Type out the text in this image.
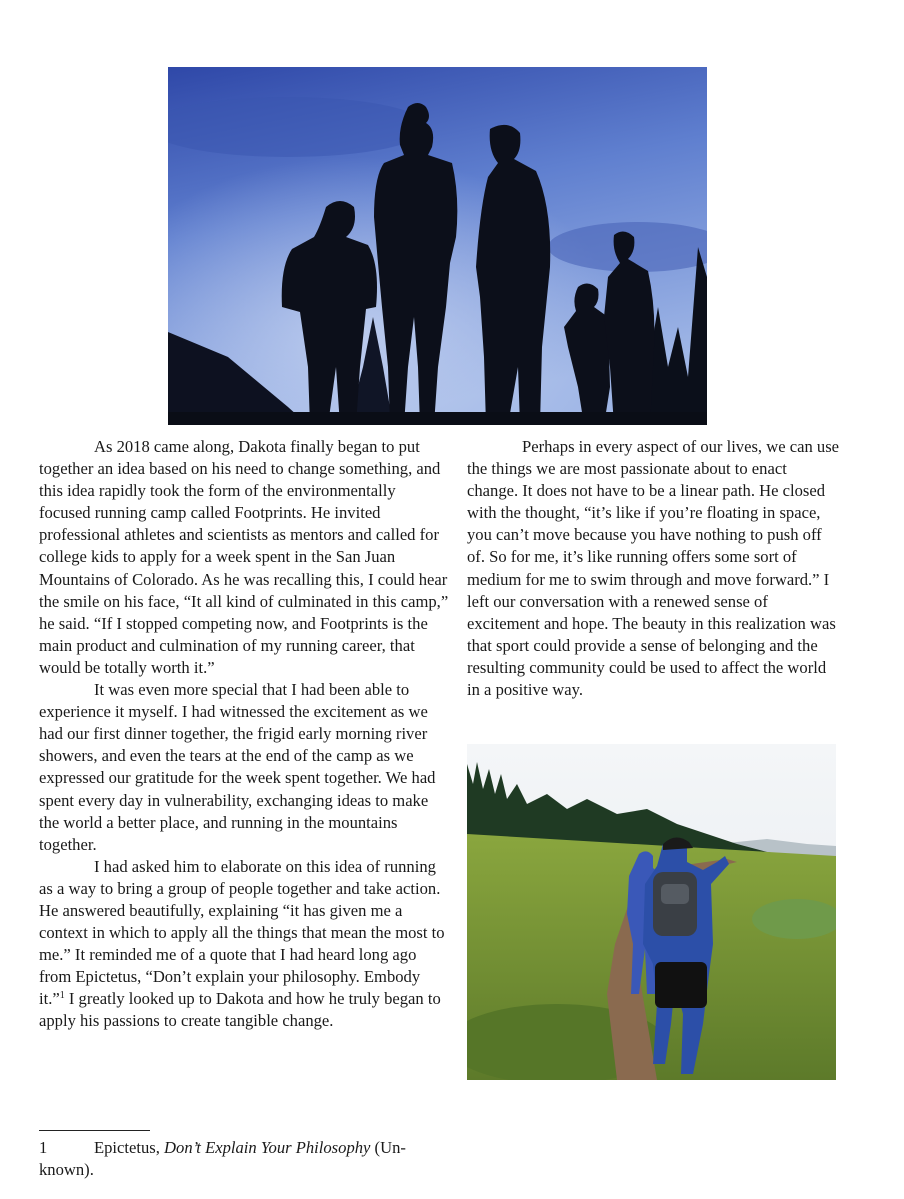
As 2018 came along, Dakota finally began to put together an idea based on his need to change something, and this idea rapidly took the form of the environmentally focused running camp called Footprints. He invited professional athletes and scientists as mentors and called for college kids to apply for a week spent in the San Juan Mountains of Colorado. As he was recalling this, I could hear the smile on his face, “It all kind of culminated in this camp,” he said. “If I stopped competing now, and Footprints is the main product and culmination of my running career, that would be totally worth it.”

It was even more special that I had been able to experience it myself. I had witnessed the excitement as we had our first dinner together, the frigid early morning river showers, and even the tears at the end of the camp as we expressed our gratitude for the week spent together. We had spent every day in vulnerability, exchanging ideas to make the world a better place, and running in the mountains together.

I had asked him to elaborate on this idea of running as a way to bring a group of people together and take action. He answered beautifully, explaining “it has given me a context in which to apply all the things that mean the most to me.” It reminded me of a quote that I had heard long ago from Epictetus, “Don’t explain your philosophy. Embody it.”$^1$ I greatly looked up to Dakota and how he truly began to apply his passions to create tangible change.

Perhaps in every aspect of our lives, we can use the things we are most passionate about to enact change. It does not have to be a linear path. He closed with the thought, “it’s like if you’re floating in space, you can’t move because you have nothing to push off of. So for me, it’s like running offers some sort of medium for me to swim through and move forward.” I left our conversation with a renewed sense of excitement and hope. The beauty in this realization was that sport could provide a sense of belonging and the resulting community could be used to affect the world in a positive way.

1	Epictetus, Don’t Explain Your Philosophy (Unknown).
